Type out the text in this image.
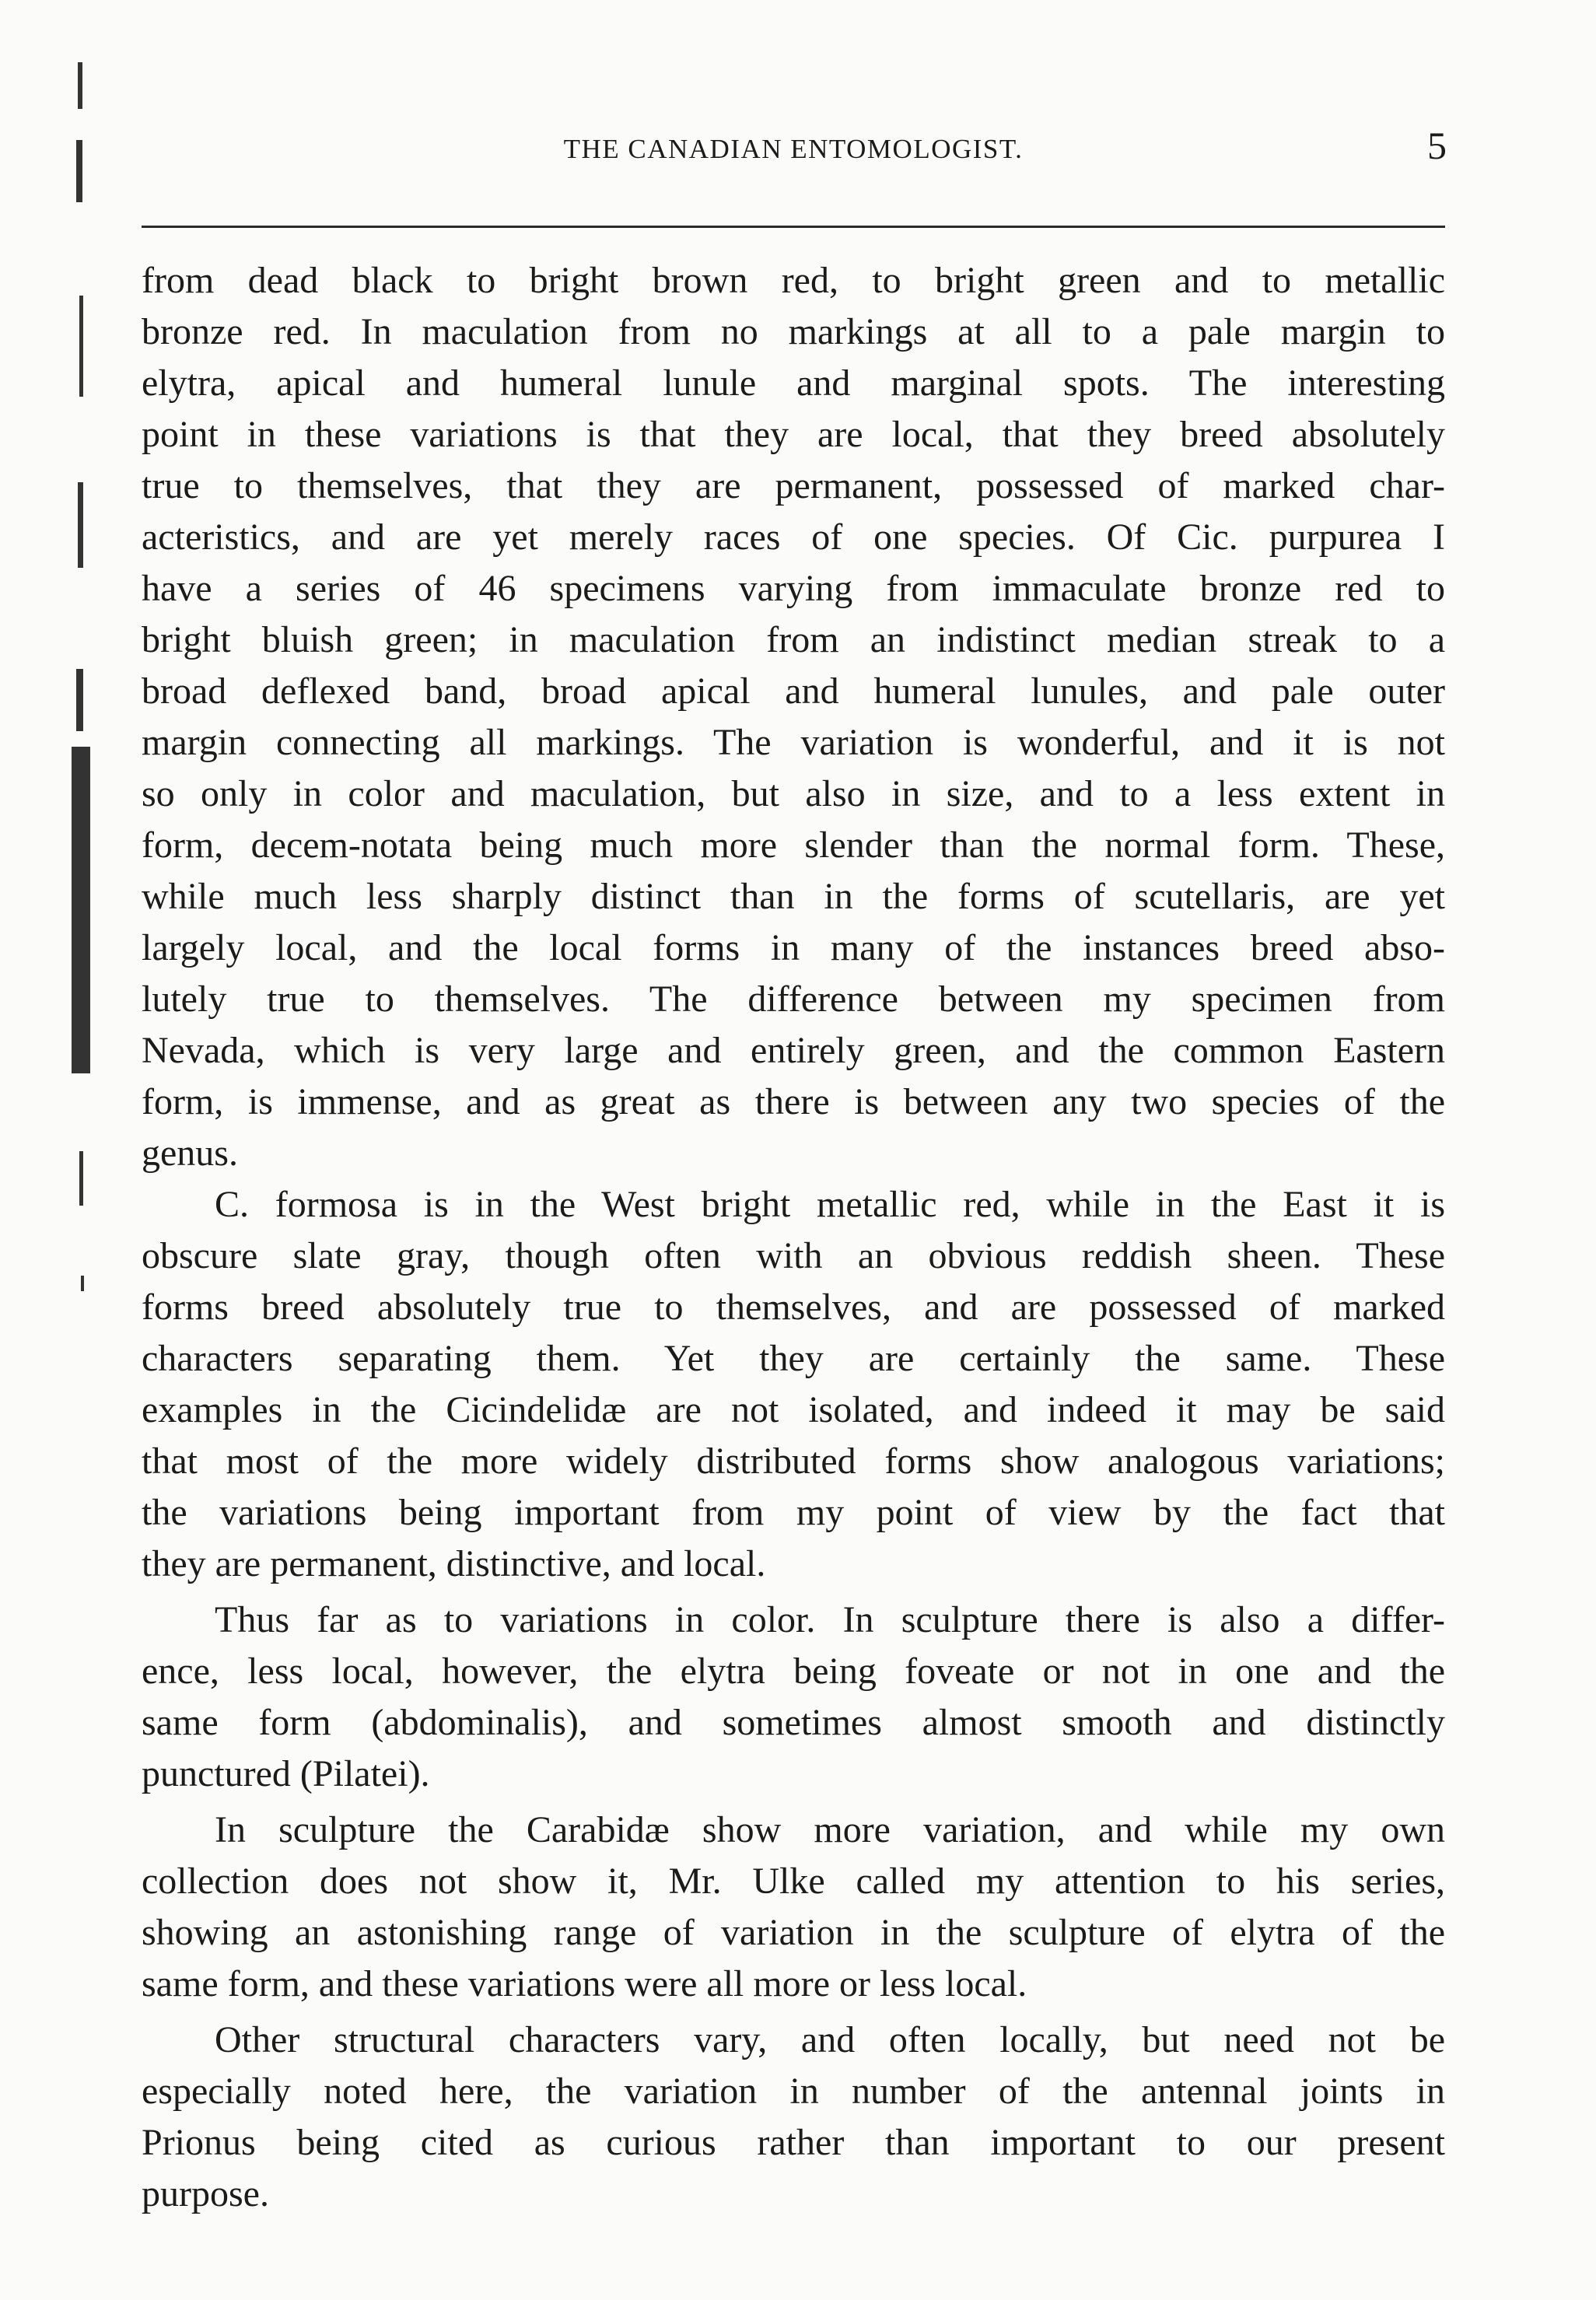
THE CANADIAN ENTOMOLOGIST.	5
from dead black to bright brown red, to bright green and to metallic
bronze red. In maculation from no markings at all to a pale margin to
elytra, apical and humeral lunule and marginal spots. The interesting
point in these variations is that they are local, that they breed absolutely
true to themselves, that they are permanent, possessed of marked char-
acteristics, and are yet merely races of one species. Of Cic. purpurea I
have a series of 46 specimens varying from immaculate bronze red to
bright bluish green; in maculation from an indistinct median streak to a
broad deflexed band, broad apical and humeral lunules, and pale outer
margin connecting all markings. The variation is wonderful, and it is not
so only in color and maculation, but also in size, and to a less extent in
form, decem-notata being much more slender than the normal form. These,
while much less sharply distinct than in the forms of scutellaris, are yet
largely local, and the local forms in many of the instances breed abso-
lutely true to themselves. The difference between my specimen from
Nevada, which is very large and entirely green, and the common Eastern
form, is immense, and as great as there is between any two species of the
genus.
C. formosa is in the West bright metallic red, while in the East it is
obscure slate gray, though often with an obvious reddish sheen. These
forms breed absolutely true to themselves, and are possessed of marked
characters separating them. Yet they are certainly the same. These
examples in the Cicindelidæ are not isolated, and indeed it may be said
that most of the more widely distributed forms show analogous variations;
the variations being important from my point of view by the fact that
they are permanent, distinctive, and local.
Thus far as to variations in color. In sculpture there is also a differ-
ence, less local, however, the elytra being foveate or not in one and the
same form (abdominalis), and sometimes almost smooth and distinctly
punctured (Pilatei).
In sculpture the Carabidæ show more variation, and while my own
collection does not show it, Mr. Ulke called my attention to his series,
showing an astonishing range of variation in the sculpture of elytra of the
same form, and these variations were all more or less local.
Other structural characters vary, and often locally, but need not be
especially noted here, the variation in number of the antennal joints in
Prionus being cited as curious rather than important to our present
purpose.
